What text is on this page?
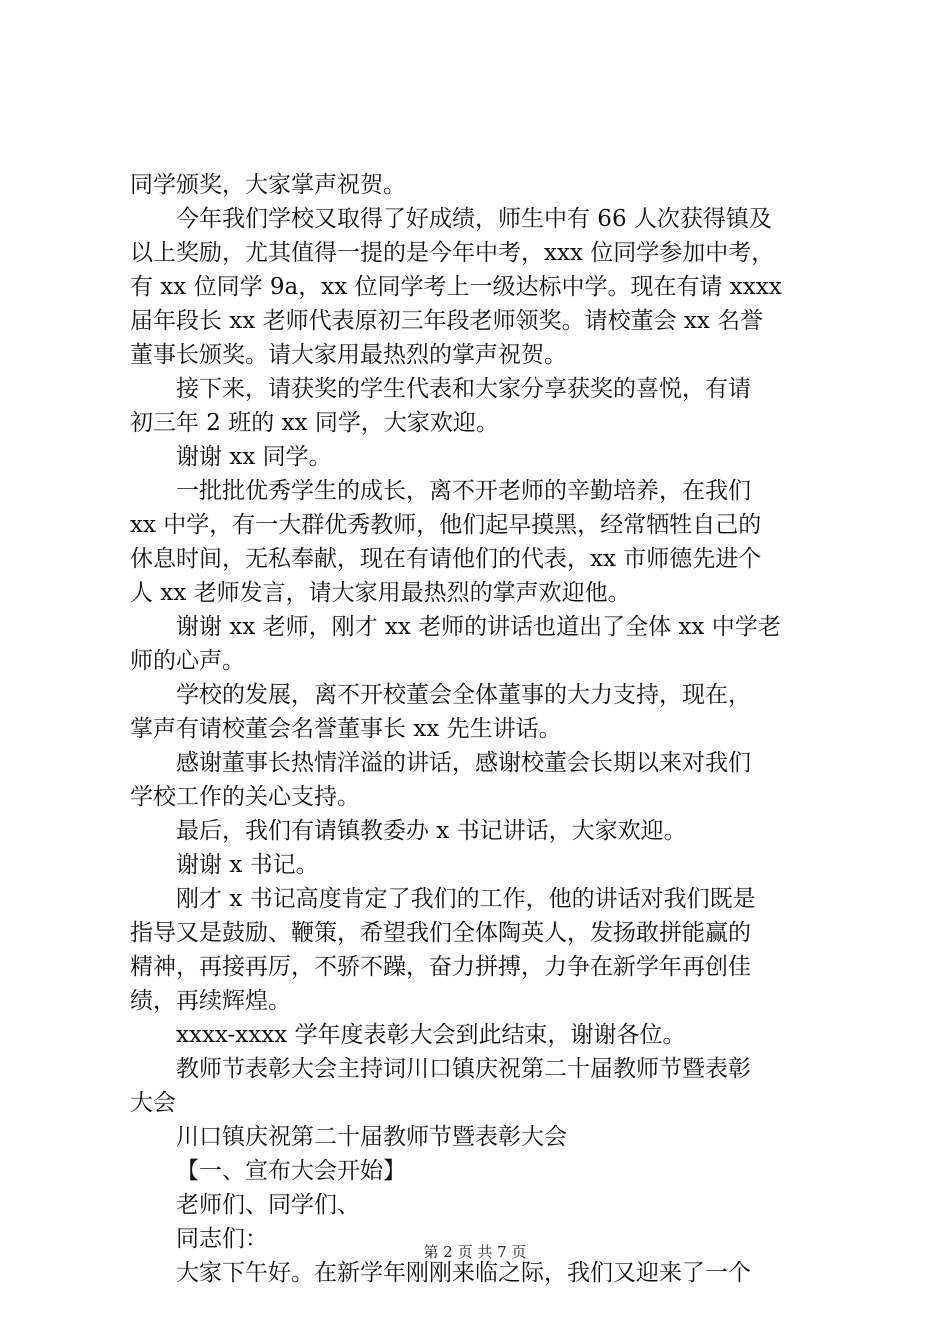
同学颁奖，大家掌声祝贺。
今年我们学校又取得了好成绩，师生中有 66 人次获得镇及
以上奖励，尤其值得一提的是今年中考，xxx 位同学参加中考，
有 xx 位同学 9a，xx 位同学考上一级达标中学。现在有请 xxxx
届年段长 xx 老师代表原初三年段老师领奖。请校董会 xx 名誉
董事长颁奖。请大家用最热烈的掌声祝贺。
接下来，请获奖的学生代表和大家分享获奖的喜悦，有请
初三年 2 班的 xx 同学，大家欢迎。
谢谢 xx 同学。
一批批优秀学生的成长，离不开老师的辛勤培养，在我们
xx 中学，有一大群优秀教师，他们起早摸黑，经常牺牲自己的
休息时间，无私奉献，现在有请他们的代表，xx 市师德先进个
人 xx 老师发言，请大家用最热烈的掌声欢迎他。
谢谢 xx 老师，刚才 xx 老师的讲话也道出了全体 xx 中学老
师的心声。
学校的发展，离不开校董会全体董事的大力支持，现在，
掌声有请校董会名誉董事长 xx 先生讲话。
感谢董事长热情洋溢的讲话，感谢校董会长期以来对我们
学校工作的关心支持。
最后，我们有请镇教委办 x 书记讲话，大家欢迎。
谢谢 x 书记。
刚才 x 书记高度肯定了我们的工作，他的讲话对我们既是
指导又是鼓励、鞭策，希望我们全体陶英人，发扬敢拼能赢的
精神，再接再厉，不骄不躁，奋力拼搏，力争在新学年再创佳
绩，再续辉煌。
xxxx-xxxx 学年度表彰大会到此结束，谢谢各位。
教师节表彰大会主持词川口镇庆祝第二十届教师节暨表彰
大会
川口镇庆祝第二十届教师节暨表彰大会
【一、宣布大会开始】
老师们、同学们、
同志们：
大家下午好。在新学年刚刚来临之际，我们又迎来了一个
第 2 页 共 7 页
